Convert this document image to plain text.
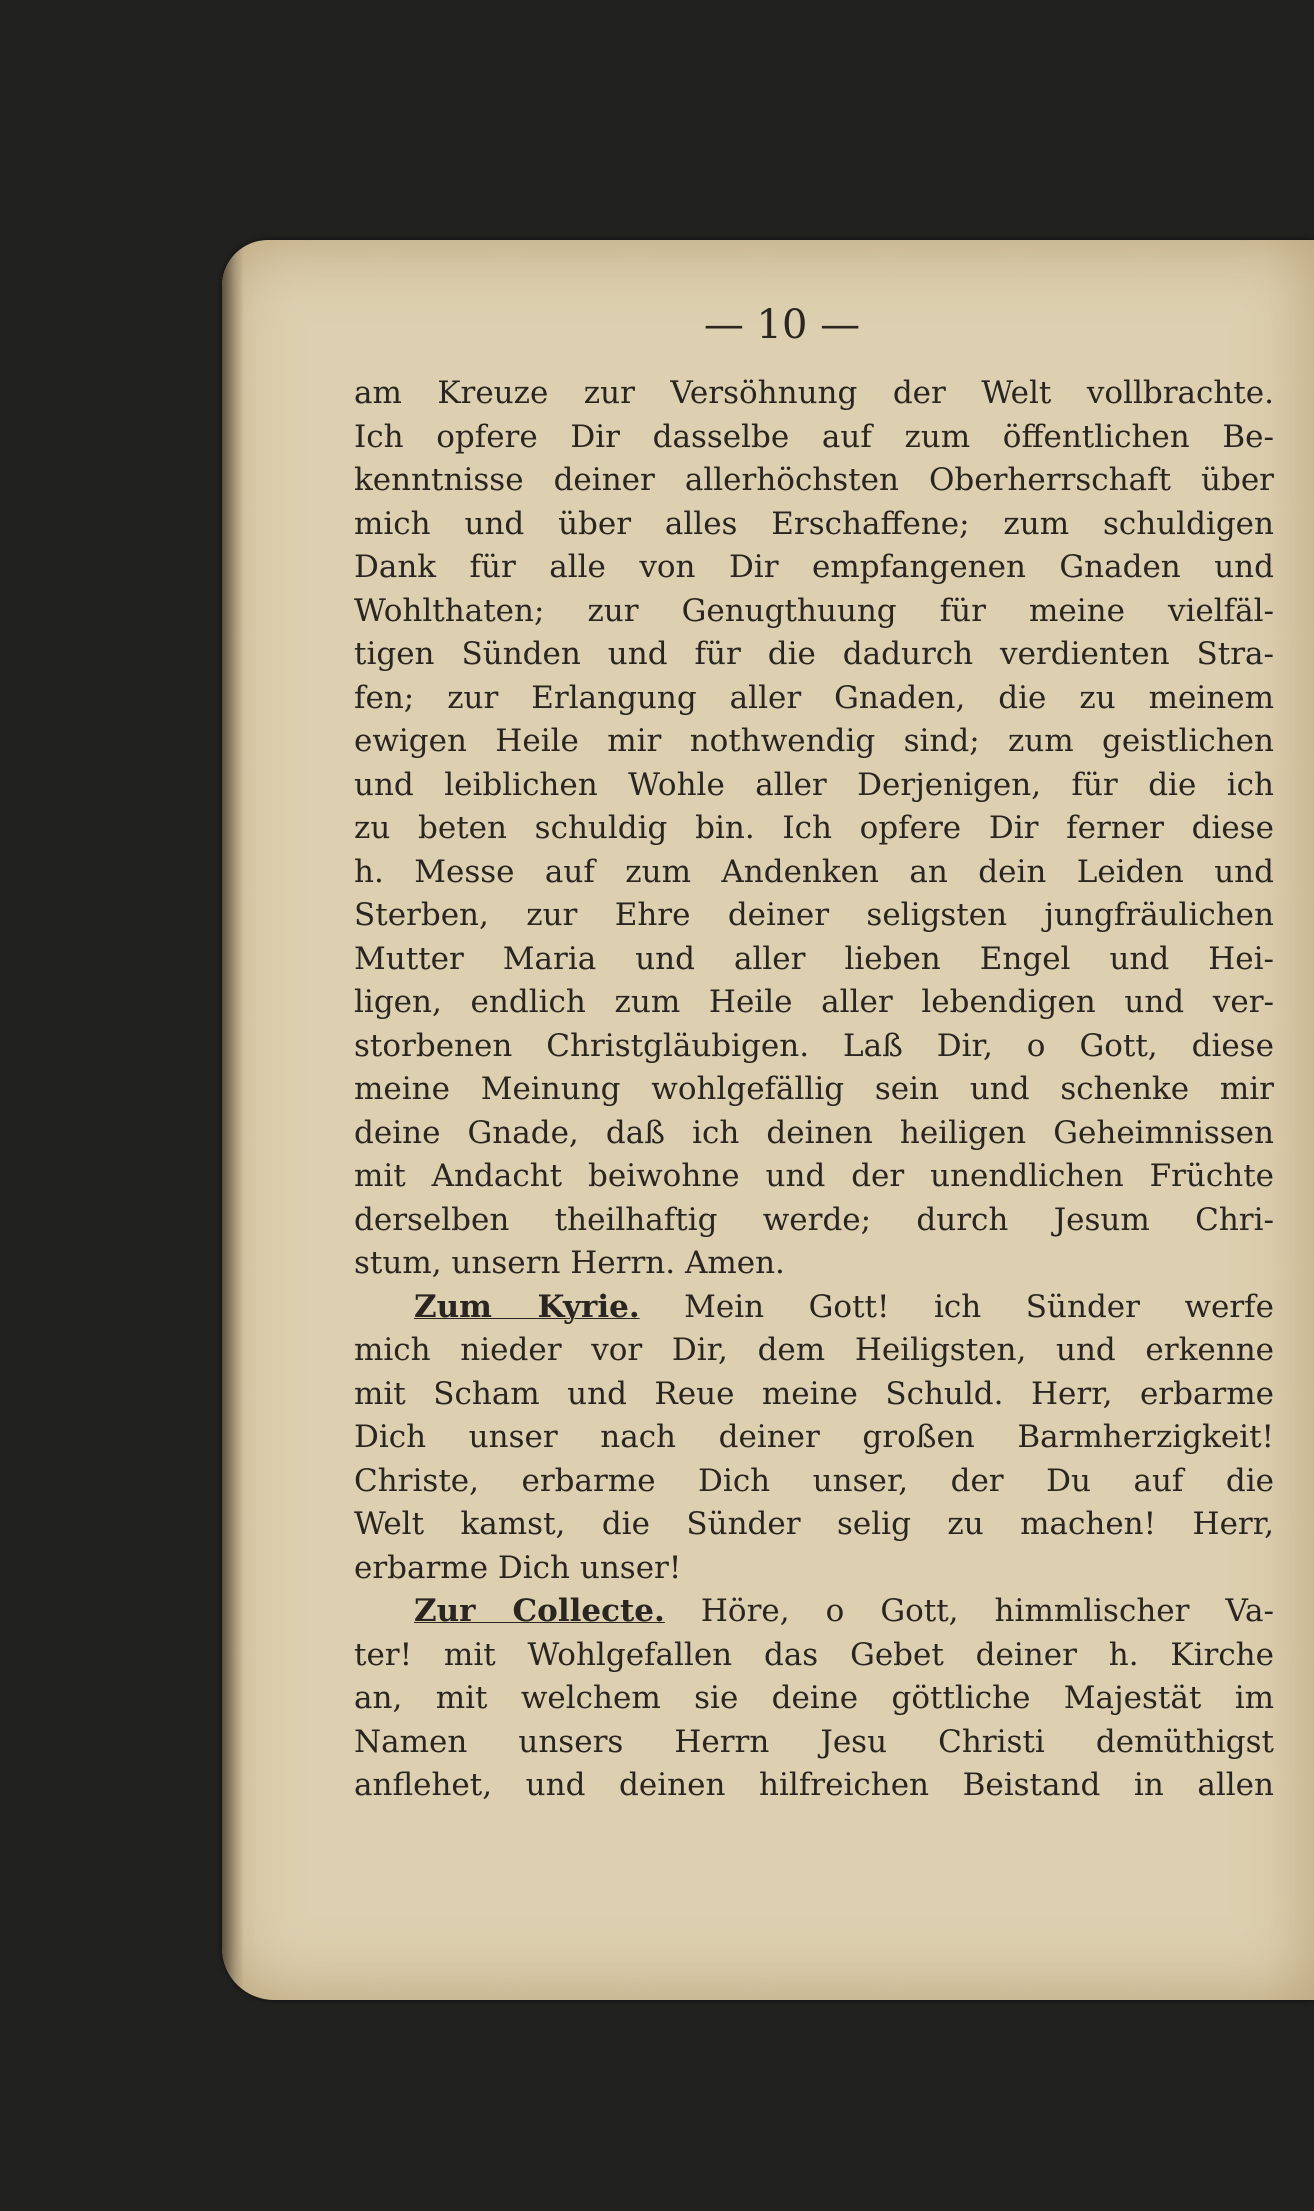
— 10 —
am Kreuze zur Versöhnung der Welt vollbrachte.
Ich opfere Dir dasselbe auf zum öffentlichen Be-
kenntnisse deiner allerhöchsten Oberherrschaft über
mich und über alles Erschaffene; zum schuldigen
Dank für alle von Dir empfangenen Gnaden und
Wohlthaten; zur Genugthuung für meine vielfäl-
tigen Sünden und für die dadurch verdienten Stra-
fen; zur Erlangung aller Gnaden, die zu meinem
ewigen Heile mir nothwendig sind; zum geistlichen
und leiblichen Wohle aller Derjenigen, für die ich
zu beten schuldig bin. Ich opfere Dir ferner diese
h. Messe auf zum Andenken an dein Leiden und
Sterben, zur Ehre deiner seligsten jungfräulichen
Mutter Maria und aller lieben Engel und Hei-
ligen, endlich zum Heile aller lebendigen und ver-
storbenen Christgläubigen. Laß Dir, o Gott, diese
meine Meinung wohlgefällig sein und schenke mir
deine Gnade, daß ich deinen heiligen Geheimnissen
mit Andacht beiwohne und der unendlichen Früchte
derselben theilhaftig werde; durch Jesum Chri-
stum, unsern Herrn. Amen.
Zum Kyrie. Mein Gott! ich Sünder werfe
mich nieder vor Dir, dem Heiligsten, und erkenne
mit Scham und Reue meine Schuld. Herr, erbarme
Dich unser nach deiner großen Barmherzigkeit!
Christe, erbarme Dich unser, der Du auf die
Welt kamst, die Sünder selig zu machen! Herr,
erbarme Dich unser!
Zur Collecte. Höre, o Gott, himmlischer Va-
ter! mit Wohlgefallen das Gebet deiner h. Kirche
an, mit welchem sie deine göttliche Majestät im
Namen unsers Herrn Jesu Christi demüthigst
anflehet, und deinen hilfreichen Beistand in allen
